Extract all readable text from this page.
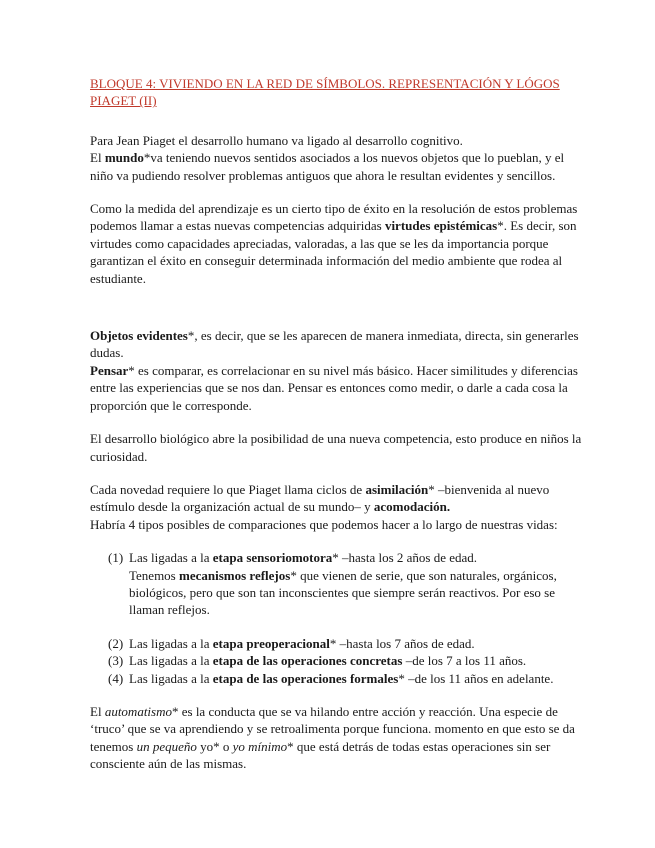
BLOQUE 4: VIVIENDO EN LA RED DE SÍMBOLOS. REPRESENTACIÓN Y LÓGOS PIAGET (II)

Para Jean Piaget el desarrollo humano va ligado al desarrollo cognitivo.
El mundo*va teniendo nuevos sentidos asociados a los nuevos objetos que lo pueblan, y el niño va pudiendo resolver problemas antiguos que ahora le resultan evidentes y sencillos.

Como la medida del aprendizaje es un cierto tipo de éxito en la resolución de estos problemas podemos llamar a estas nuevas competencias adquiridas virtudes epistémicas*. Es decir, son virtudes como capacidades apreciadas, valoradas, a las que se les da importancia porque garantizan el éxito en conseguir determinada información del medio ambiente que rodea al estudiante.

Objetos evidentes*, es decir, que se les aparecen de manera inmediata, directa, sin generarles dudas.
Pensar* es comparar, es correlacionar en su nivel más básico. Hacer similitudes y diferencias entre las experiencias que se nos dan. Pensar es entonces como medir, o darle a cada cosa la proporción que le corresponde.

El desarrollo biológico abre la posibilidad de una nueva competencia, esto produce en niños la curiosidad.

Cada novedad requiere lo que Piaget llama ciclos de asimilación* –bienvenida al nuevo estímulo desde la organización actual de su mundo– y acomodación.
Habría 4 tipos posibles de comparaciones que podemos hacer a lo largo de nuestras vidas:

(1) Las ligadas a la etapa sensoriomotora* –hasta los 2 años de edad.
Tenemos mecanismos reflejos* que vienen de serie, que son naturales, orgánicos, biológicos, pero que son tan inconscientes que siempre serán reactivos. Por eso se llaman reflejos.
(2) Las ligadas a la etapa preoperacional* –hasta los 7 años de edad.
(3) Las ligadas a la etapa de las operaciones concretas –de los 7 a los 11 años.
(4) Las ligadas a la etapa de las operaciones formales* –de los 11 años en adelante.

El automatismo* es la conducta que se va hilando entre acción y reacción. Una especie de ‘truco’ que se va aprendiendo y se retroalimenta porque funciona. momento en que esto se da tenemos un pequeño yo* o yo mínimo* que está detrás de todas estas operaciones sin ser consciente aún de las mismas.
